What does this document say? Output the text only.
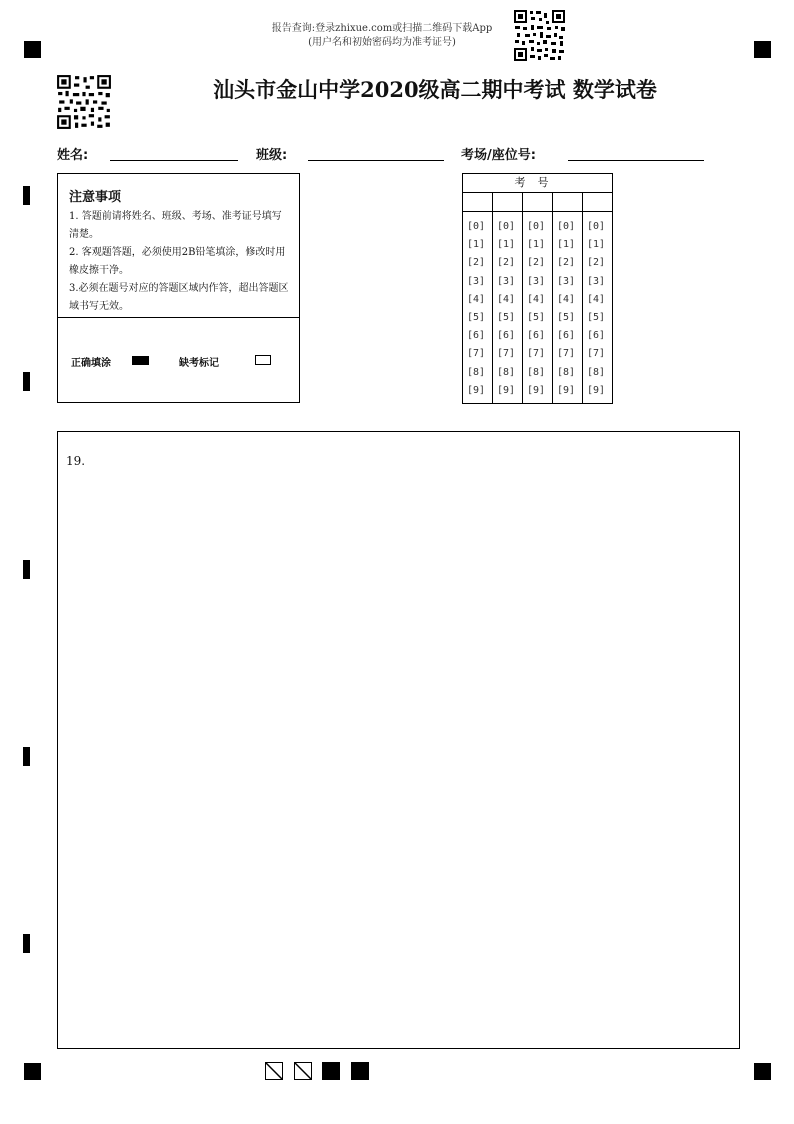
报告查询:登录zhixue.com或扫描二维码下载App
(用户名和初始密码均为准考证号)
汕头市金山中学2020级高二期中考试 数学试卷
姓名:	班级:	考场/座位号:
注意事项
1. 答题前请将姓名、班级、考场、准考证号填写清楚。
2. 客观题答题，必须使用2B铅笔填涂，修改时用橡皮擦干净。
3.必须在题号对应的答题区域内作答，超出答题区域书写无效。
正确填涂	缺考标记
考号
[0] [0] [0] [0] [0]
[1] [1] [1] [1] [1]
[2] [2] [2] [2] [2]
[3] [3] [3] [3] [3]
[4] [4] [4] [4] [4]
[5] [5] [5] [5] [5]
[6] [6] [6] [6] [6]
[7] [7] [7] [7] [7]
[8] [8] [8] [8] [8]
[9] [9] [9] [9] [9]
19.
